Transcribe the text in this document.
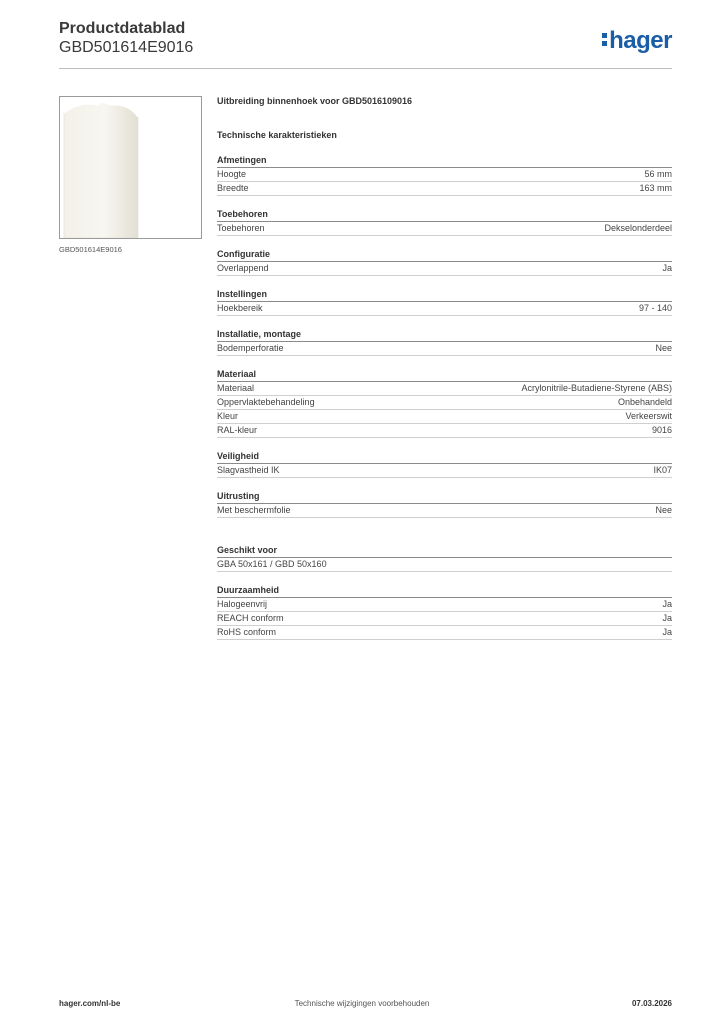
Productdatablad
GBD501614E9016	hager
GBD501614E9016
Uitbreiding binnenhoek voor GBD5016109016
Technische karakteristieken
Afmetingen
Hoogte	56 mm
Breedte	163 mm
Toebehoren
Toebehoren	Dekselonderdeel
Configuratie
Overlappend	Ja
Instellingen
Hoekbereik	97 - 140
Installatie, montage
Bodemperforatie	Nee
Materiaal
Materiaal	Acrylonitrile-Butadiene-Styrene (ABS)
Oppervlaktebehandeling	Onbehandeld
Kleur	Verkeerswit
RAL-kleur	9016
Veiligheid
Slagvastheid IK	IK07
Uitrusting
Met beschermfolie	Nee
Geschikt voor
GBA 50x161 / GBD 50x160
Duurzaamheid
Halogeenvrij	Ja
REACH conform	Ja
RoHS conform	Ja
hager.com/nl-be	Technische wijzigingen voorbehouden	07.03.2026
